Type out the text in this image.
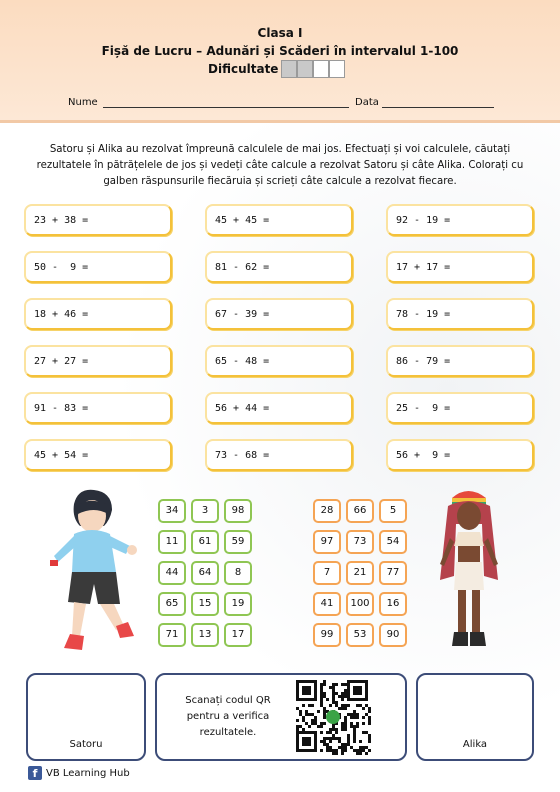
Clasa I
Fișă de Lucru – Adunări și Scăderi în intervalul 1-100
Dificultate
Nume	Data
Satoru și Alika au rezolvat împreună calculele de mai jos. Efectuați și voi calculele, căutați rezultatele în pătrățelele de jos și vedeți câte calcule a rezolvat Satoru și câte Alika. Colorați cu galben răspunsurile fiecăruia și scrieți câte calcule a rezolvat fiecare.
23 + 38 =
50 -  9 =
18 + 46 =
27 + 27 =
91 - 83 =
45 + 54 =
45 + 45 =
81 - 62 =
67 - 39 =
65 - 48 =
56 + 44 =
73 - 68 =
92 - 19 =
17 + 17 =
78 - 19 =
86 - 79 =
25 -  9 =
56 +  9 =
34	3	98
11	61	59
44	64	8
65	15	19
71	13	17
28	66	5
97	73	54
7	21	77
41	100	16
99	53	90
Satoru
Scanați codul QR pentru a verifica rezultatele.
Alika
f VB Learning Hub
